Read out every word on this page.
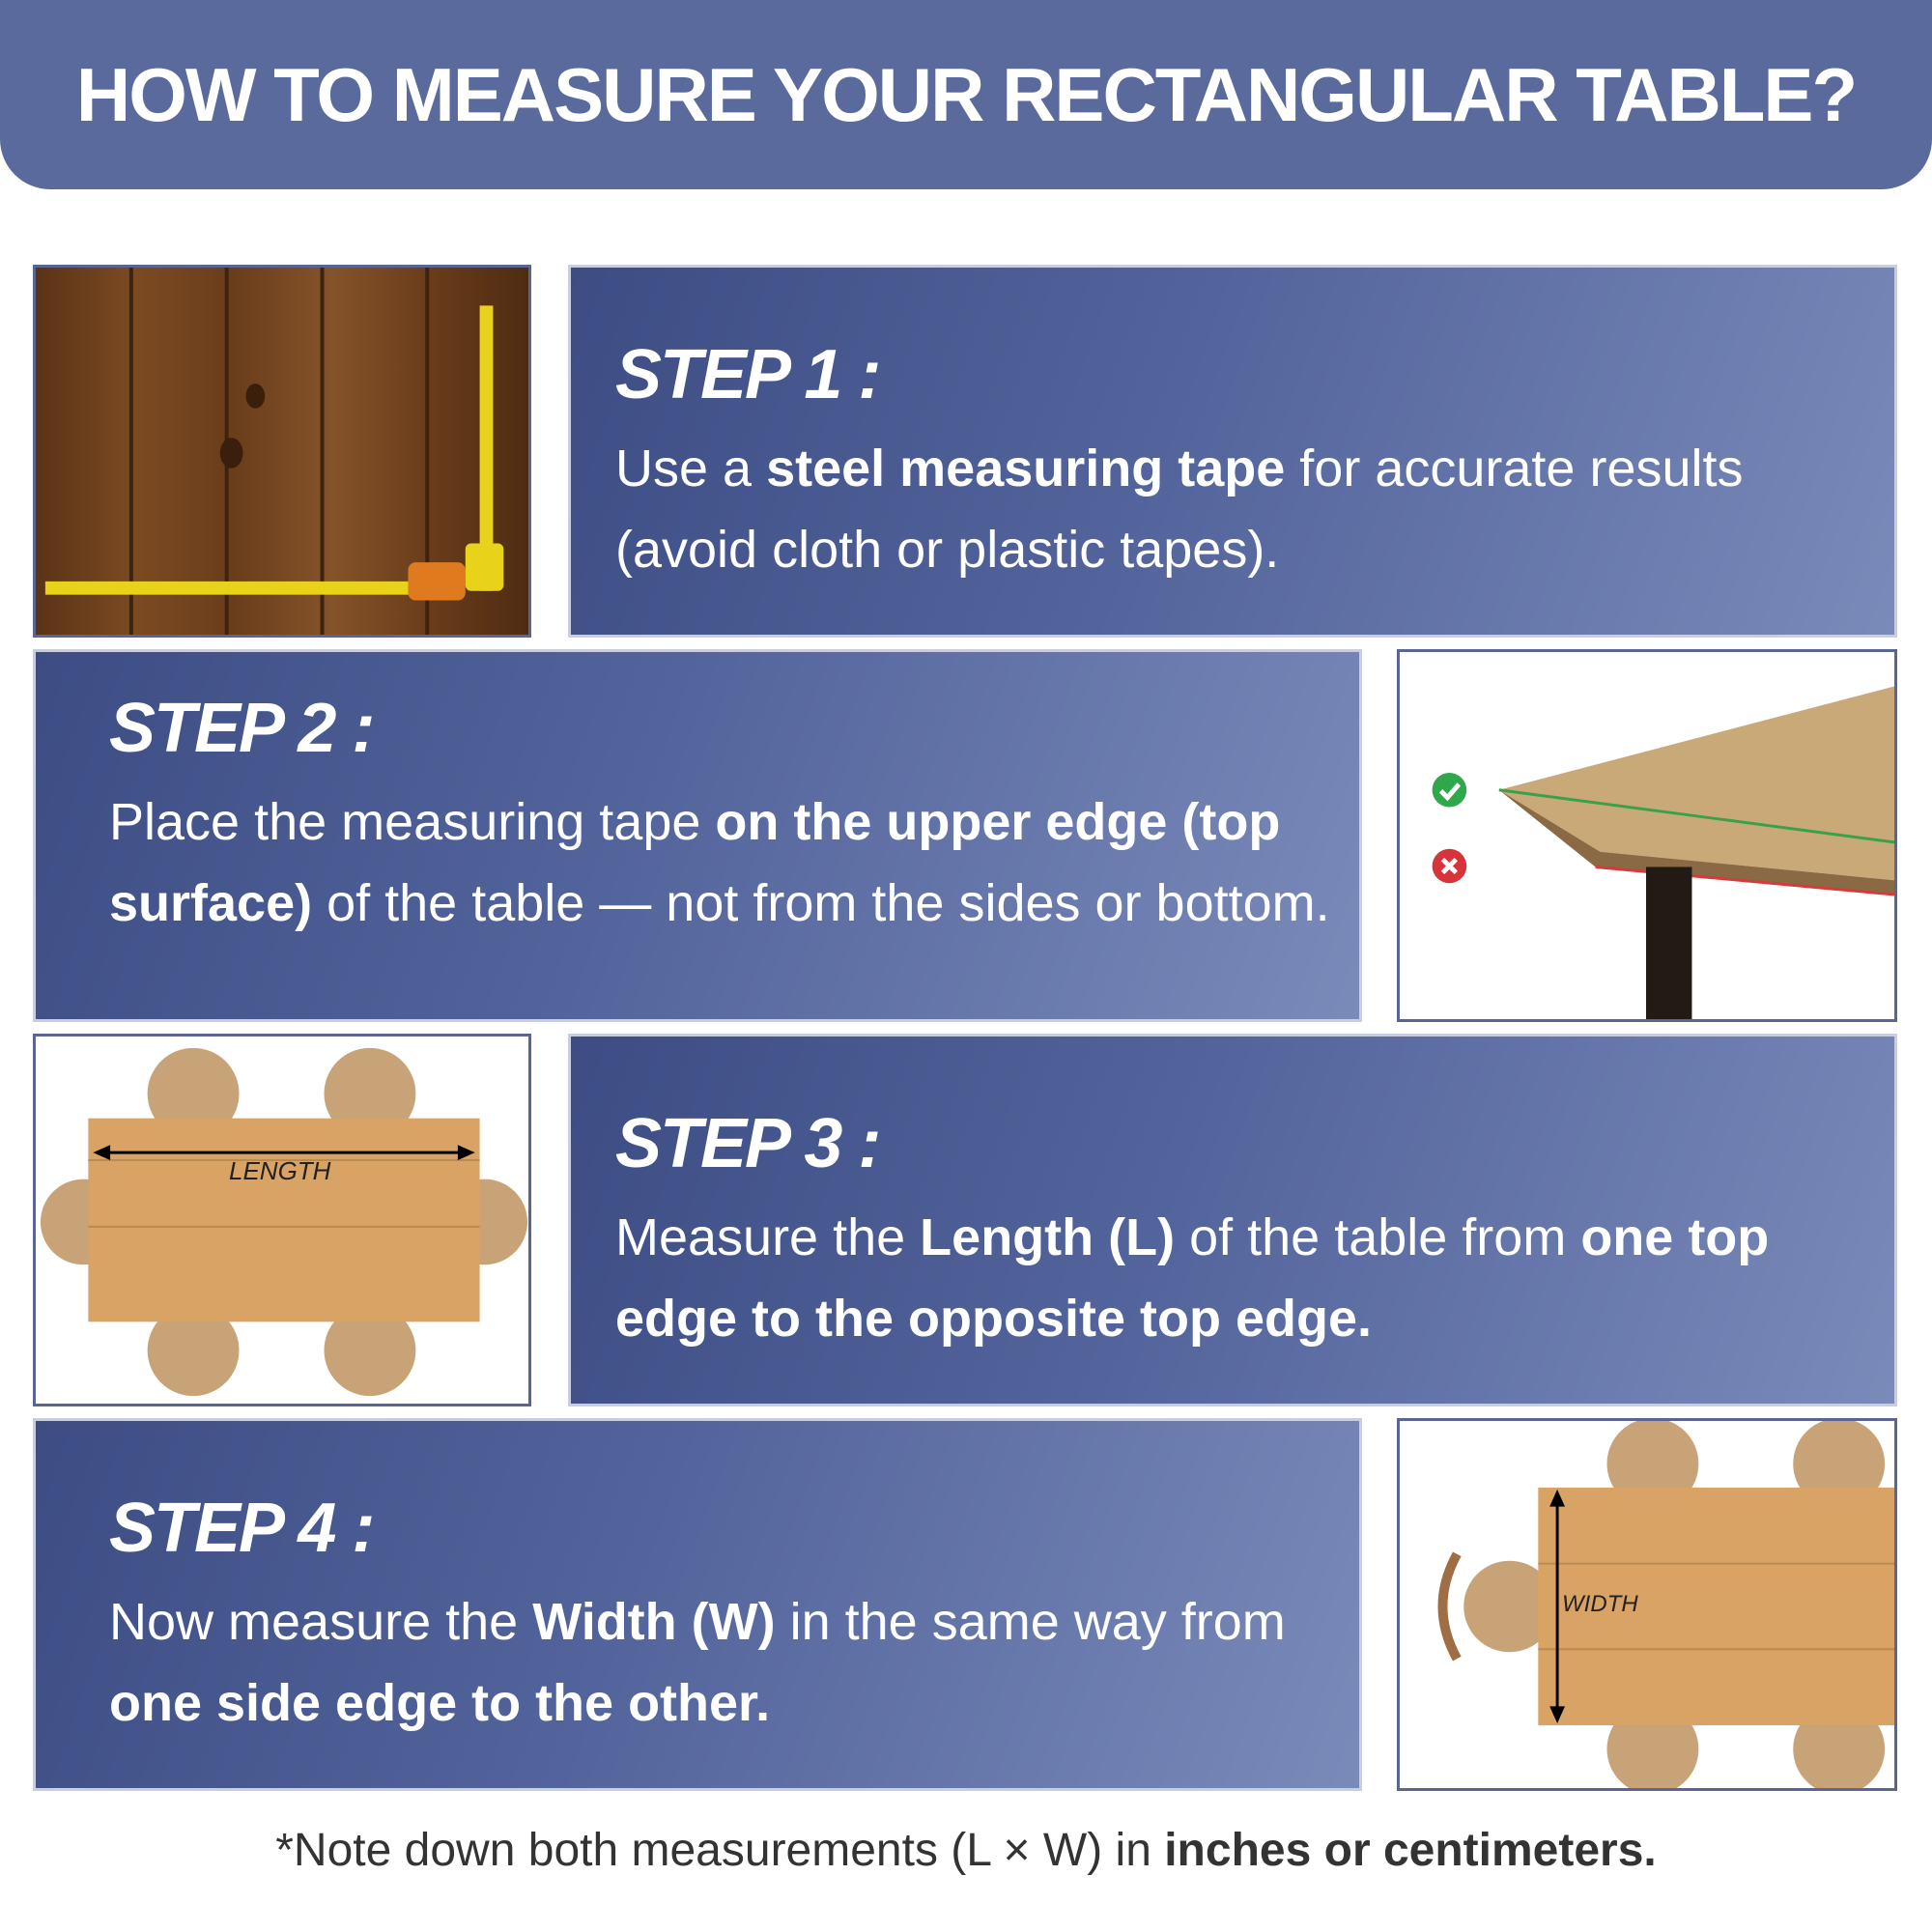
HOW TO MEASURE YOUR RECTANGULAR TABLE?
STEP 1 :
Use a steel measuring tape for accurate results (avoid cloth or plastic tapes).
STEP 2 :
Place the measuring tape on the upper edge (top surface) of the table — not from the sides or bottom.
LENGTH	STEP 3 :
Measure the Length (L) of the table from one top edge to the opposite top edge.
STEP 4 :
Now measure the Width (W) in the same way from one side edge to the other.
WIDTH
*Note down both measurements (L × W) in inches or centimeters.
